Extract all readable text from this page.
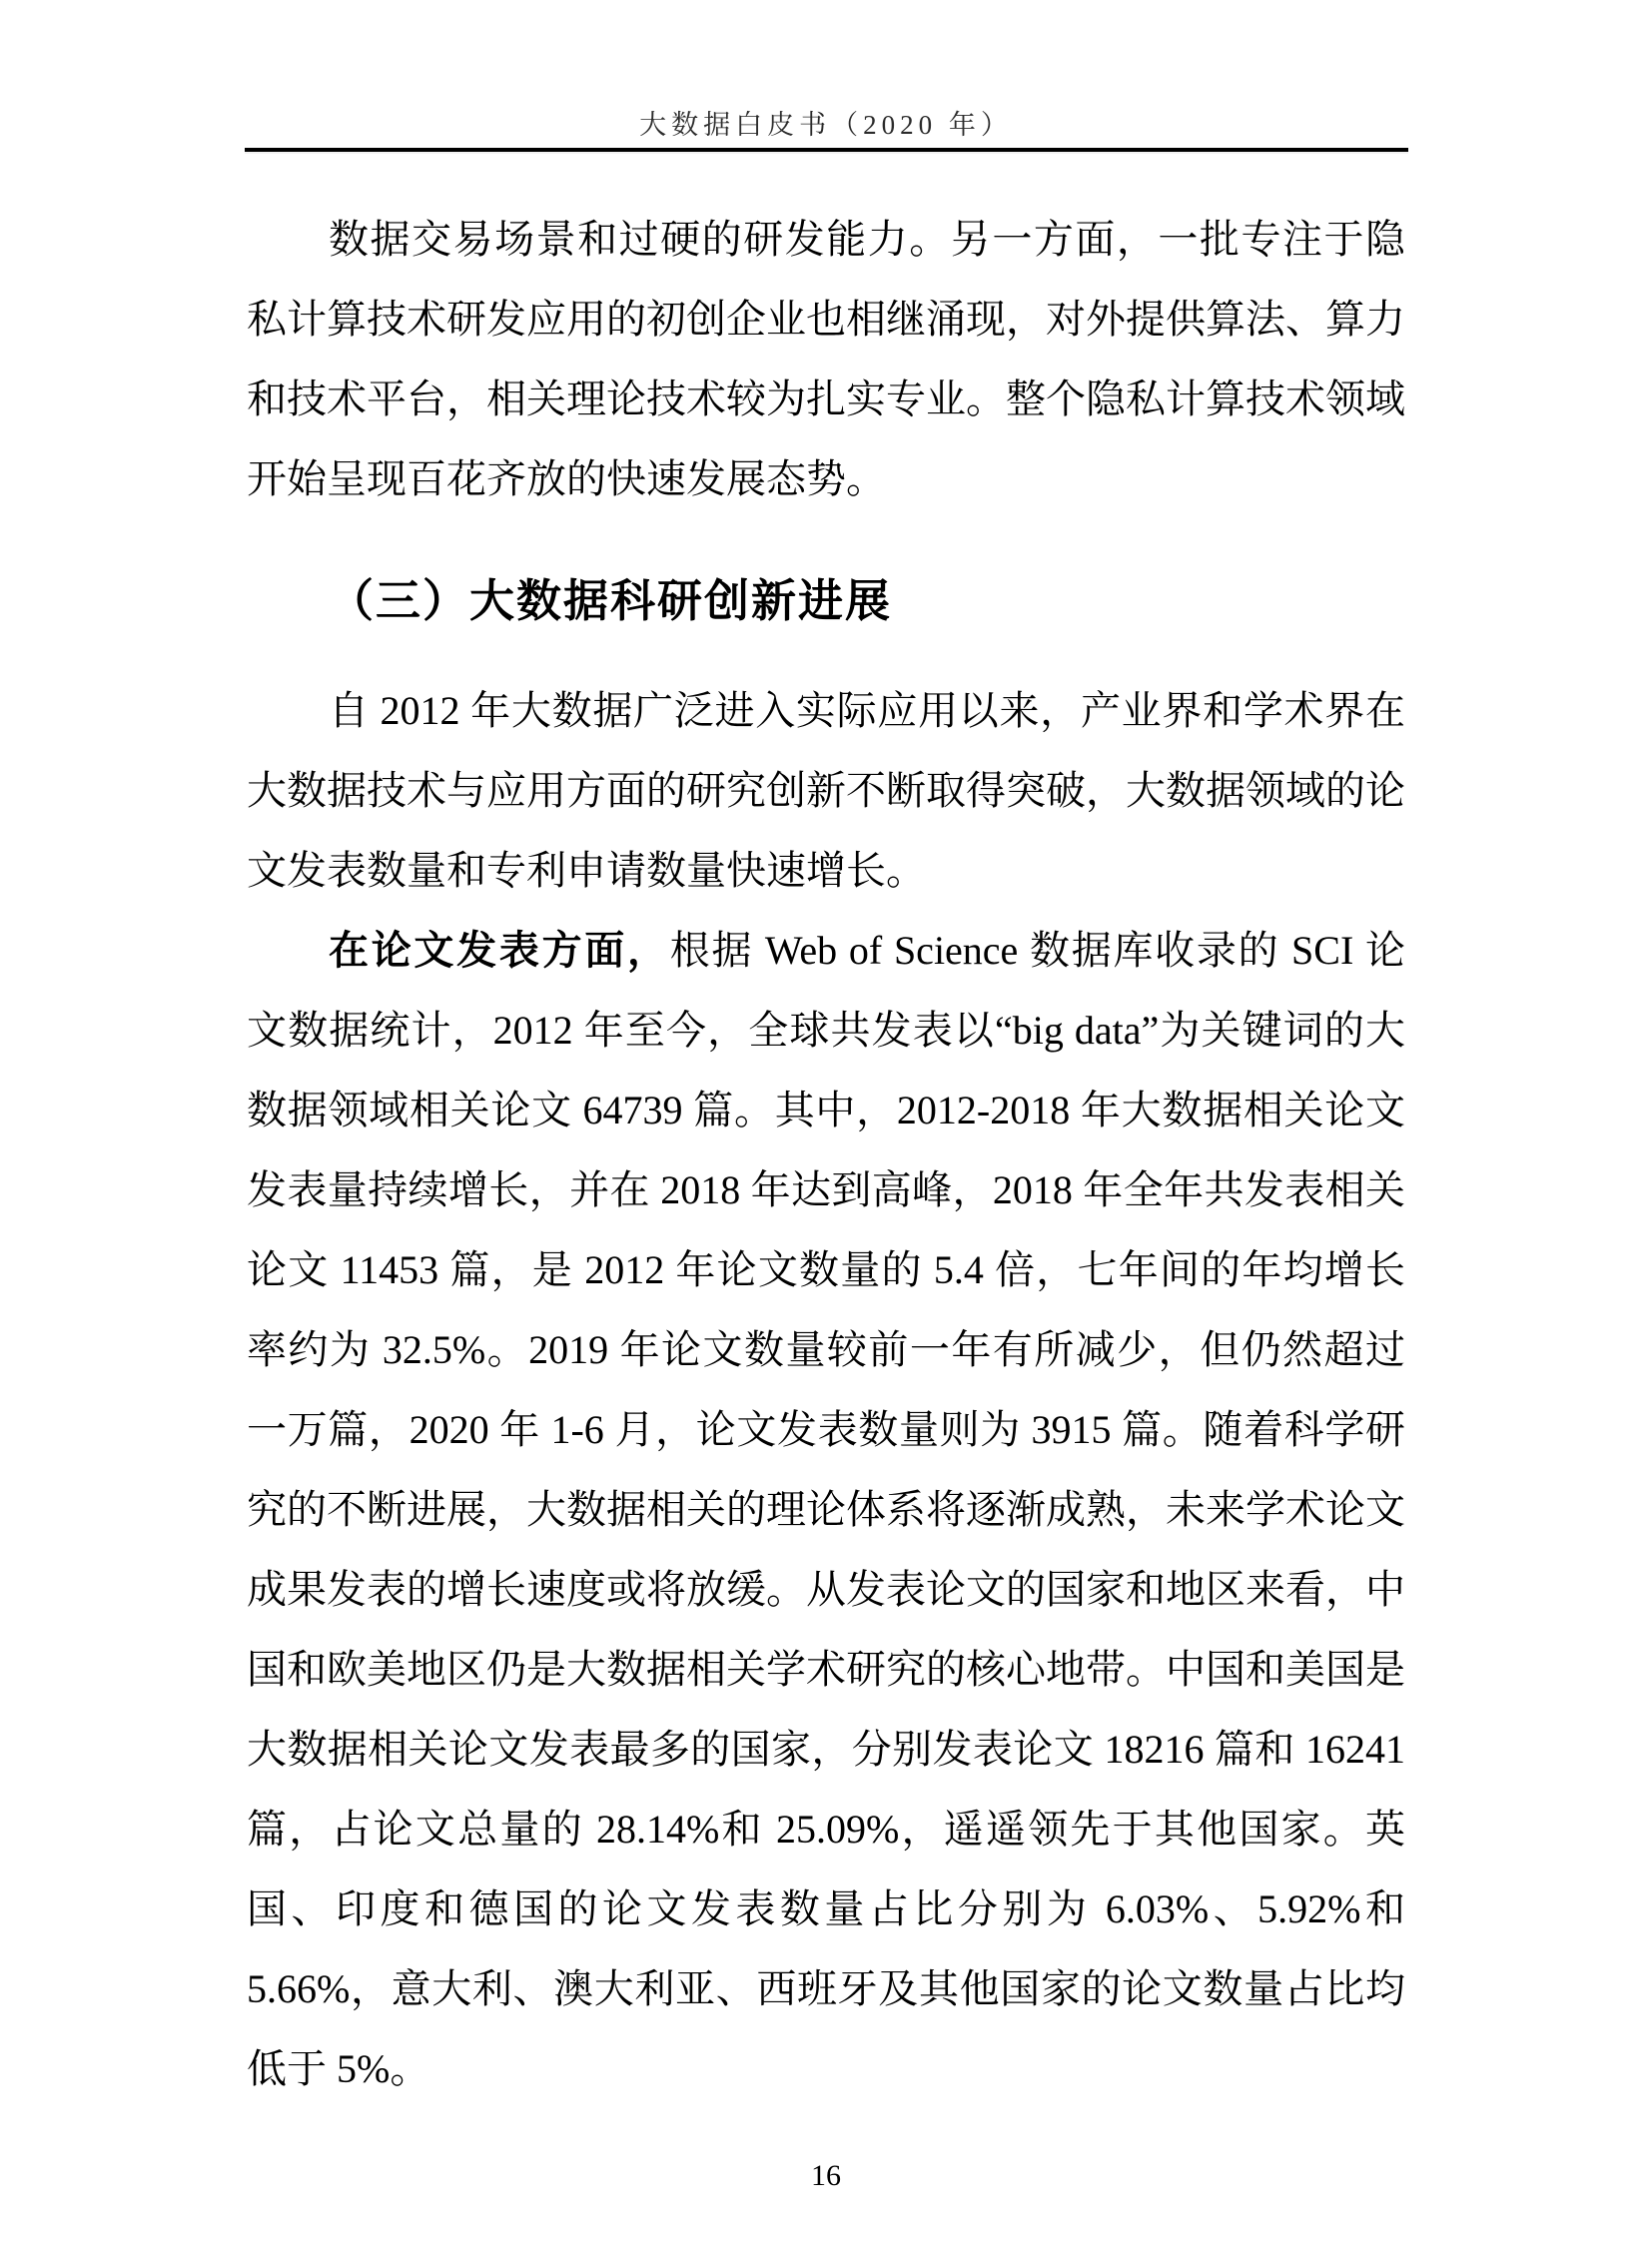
大数据白皮书（2020 年）

数据交易场景和过硬的研发能力。另一方面，一批专注于隐私计算技术研发应用的初创企业也相继涌现，对外提供算法、算力和技术平台，相关理论技术较为扎实专业。整个隐私计算技术领域开始呈现百花齐放的快速发展态势。

（三）大数据科研创新进展

自 2012 年大数据广泛进入实际应用以来，产业界和学术界在大数据技术与应用方面的研究创新不断取得突破，大数据领域的论文发表数量和专利申请数量快速增长。

在论文发表方面，根据 Web of Science 数据库收录的 SCI 论文数据统计，2012 年至今，全球共发表以“big data”为关键词的大数据领域相关论文 64739 篇。其中，2012-2018 年大数据相关论文发表量持续增长，并在 2018 年达到高峰，2018 年全年共发表相关论文 11453 篇，是 2012 年论文数量的 5.4 倍，七年间的年均增长率约为 32.5%。2019 年论文数量较前一年有所减少，但仍然超过一万篇，2020 年 1-6 月，论文发表数量则为 3915 篇。随着科学研究的不断进展，大数据相关的理论体系将逐渐成熟，未来学术论文成果发表的增长速度或将放缓。从发表论文的国家和地区来看，中国和欧美地区仍是大数据相关学术研究的核心地带。中国和美国是大数据相关论文发表最多的国家，分别发表论文 18216 篇和 16241 篇，占论文总量的 28.14%和 25.09%，遥遥领先于其他国家。英国、印度和德国的论文发表数量占比分别为 6.03%、5.92%和 5.66%，意大利、澳大利亚、西班牙及其他国家的论文数量占比均低于 5%。

16
